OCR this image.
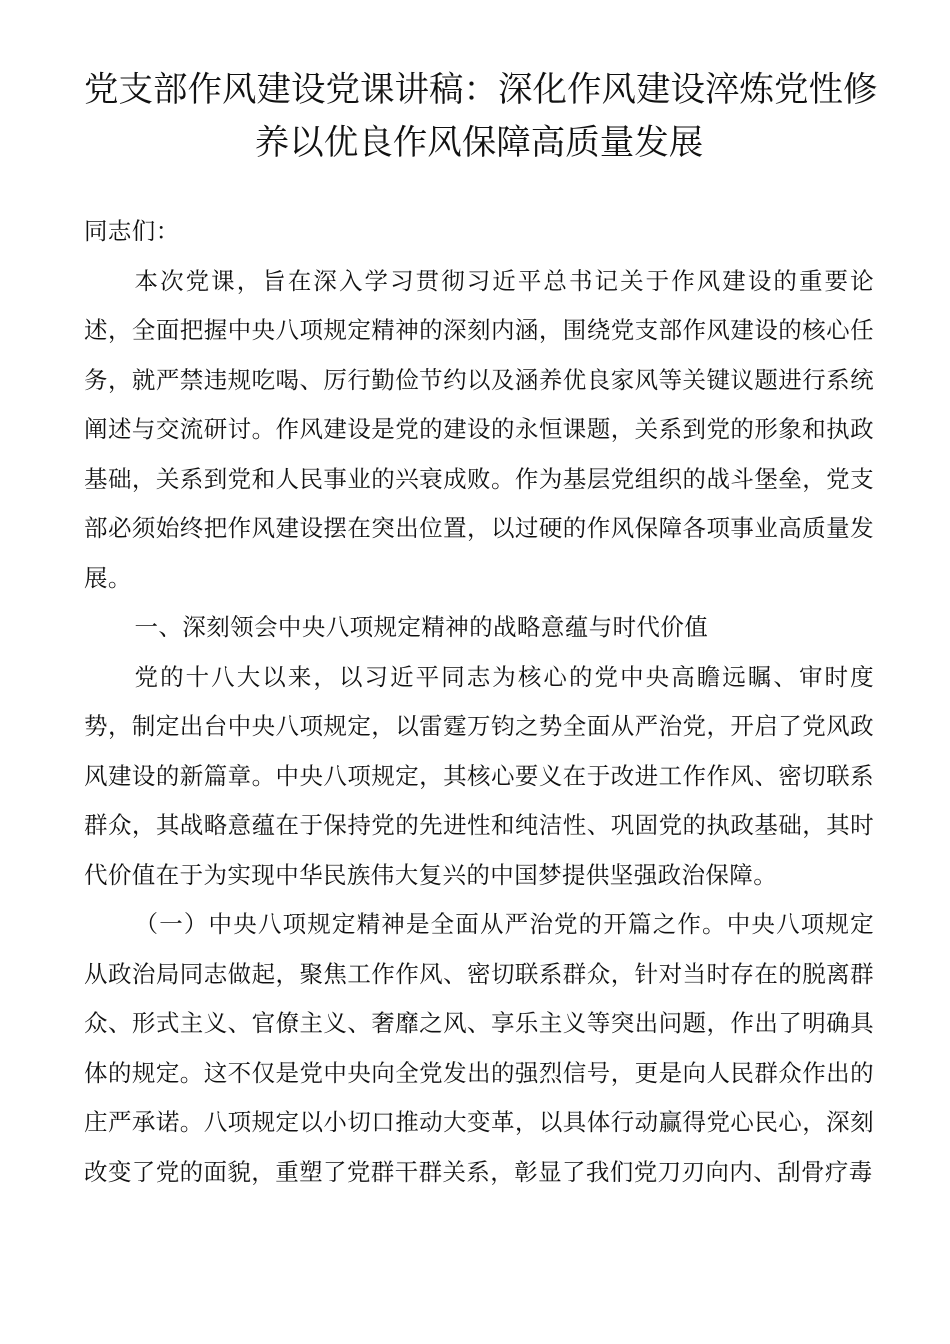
党支部作风建设党课讲稿：深化作风建设淬炼党性修
养以优良作风保障高质量发展

同志们：

本次党课，旨在深入学习贯彻习近平总书记关于作风建设的重要论述，全面把握中央八项规定精神的深刻内涵，围绕党支部作风建设的核心任务，就严禁违规吃喝、厉行勤俭节约以及涵养优良家风等关键议题进行系统阐述与交流研讨。作风建设是党的建设的永恒课题，关系到党的形象和执政基础，关系到党和人民事业的兴衰成败。作为基层党组织的战斗堡垒，党支部必须始终把作风建设摆在突出位置，以过硬的作风保障各项事业高质量发展。

一、深刻领会中央八项规定精神的战略意蕴与时代价值

党的十八大以来，以习近平同志为核心的党中央高瞻远瞩、审时度势，制定出台中央八项规定，以雷霆万钧之势全面从严治党，开启了党风政风建设的新篇章。中央八项规定，其核心要义在于改进工作作风、密切联系群众，其战略意蕴在于保持党的先进性和纯洁性、巩固党的执政基础，其时代价值在于为实现中华民族伟大复兴的中国梦提供坚强政治保障。

（一）中央八项规定精神是全面从严治党的开篇之作。中央八项规定从政治局同志做起，聚焦工作作风、密切联系群众，针对当时存在的脱离群众、形式主义、官僚主义、奢靡之风、享乐主义等突出问题，作出了明确具体的规定。这不仅是党中央向全党发出的强烈信号，更是向人民群众作出的庄严承诺。八项规定以小切口推动大变革，以具体行动赢得党心民心，深刻改变了党的面貌，重塑了党群干群关系，彰显了我们党刀刃向内、刮骨疗毒
